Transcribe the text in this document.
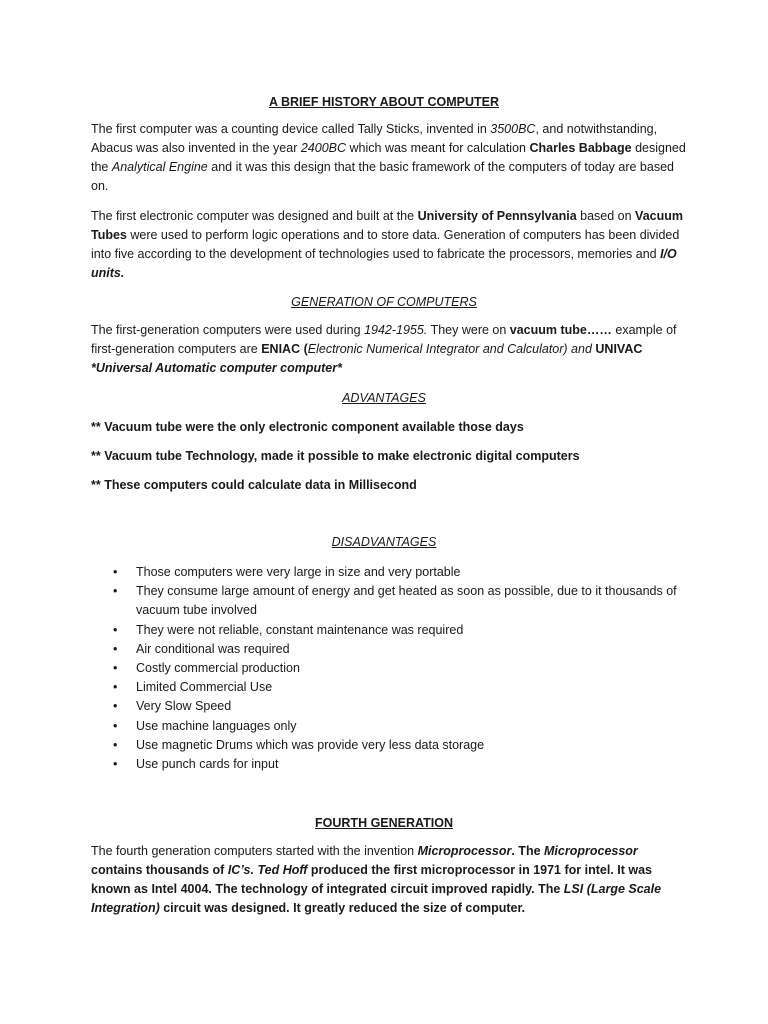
A BRIEF HISTORY ABOUT COMPUTER

The first computer was a counting device called Tally Sticks, invented in 3500BC, and notwithstanding, Abacus was also invented in the year 2400BC which was meant for calculation Charles Babbage designed the Analytical Engine and it was this design that the basic framework of the computers of today are based on.

The first electronic computer was designed and built at the University of Pennsylvania based on Vacuum Tubes were used to perform logic operations and to store data. Generation of computers has been divided into five according to the development of technologies used to fabricate the processors, memories and I/O units.

GENERATION OF COMPUTERS

The first-generation computers were used during 1942-1955. They were on vacuum tube…… example of first-generation computers are ENIAC (Electronic Numerical Integrator and Calculator) and UNIVAC
*Universal Automatic computer computer*

ADVANTAGES

** Vacuum tube were the only electronic component available those days

** Vacuum tube Technology, made it possible to make electronic digital computers

** These computers could calculate data in Millisecond

DISADVANTAGES

• Those computers were very large in size and very portable
• They consume large amount of energy and get heated as soon as possible, due to it thousands of vacuum tube involved
• They were not reliable, constant maintenance was required
• Air conditional was required
• Costly commercial production
• Limited Commercial Use
• Very Slow Speed
• Use machine languages only
• Use magnetic Drums which was provide very less data storage
• Use punch cards for input

FOURTH GENERATION

The fourth generation computers started with the invention Microprocessor. The Microprocessor contains thousands of IC’s. Ted Hoff produced the first microprocessor in 1971 for intel. It was known as Intel 4004. The technology of integrated circuit improved rapidly. The LSI (Large Scale Integration) circuit was designed. It greatly reduced the size of computer.
